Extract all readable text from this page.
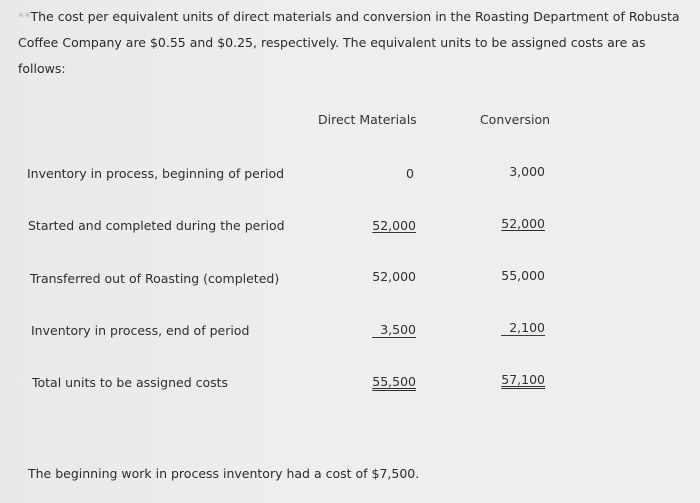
**The cost per equivalent units of direct materials and conversion in the Roasting Department of Robusta Coffee Company are $0.55 and $0.25, respectively. The equivalent units to be assigned costs are as follows:
Direct Materials	Conversion
Inventory in process, beginning of period	0	3,000
Started and completed during the period	52,000	52,000
Transferred out of Roasting (completed)	52,000	55,000
Inventory in process, end of period	3,500	2,100
Total units to be assigned costs	55,500	57,100
The beginning work in process inventory had a cost of $7,500.
